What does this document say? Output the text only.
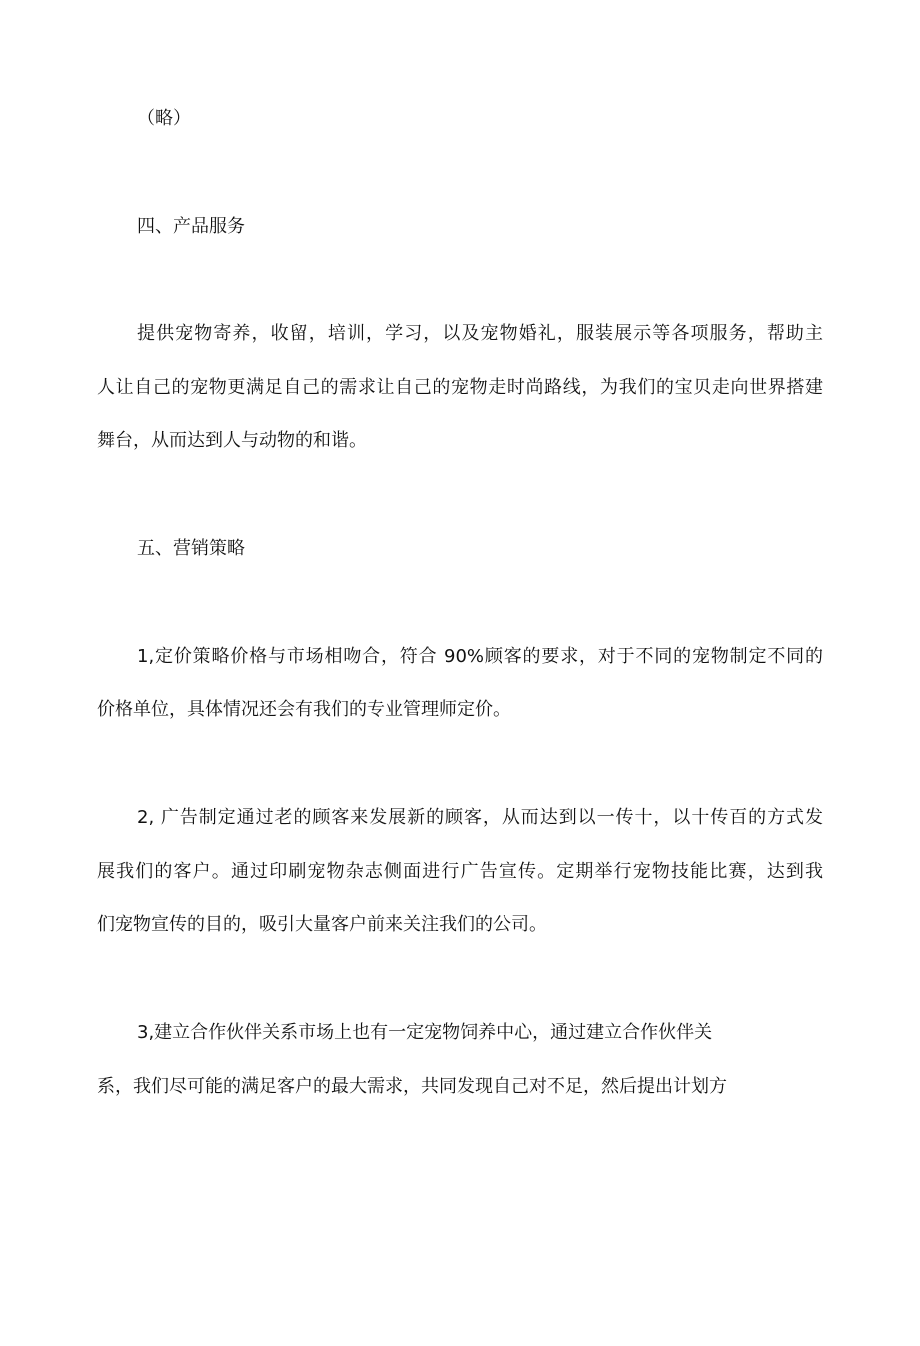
（略）
四、产品服务
提供宠物寄养，收留，培训，学习，以及宠物婚礼，服装展示等各项服务，帮助主
人让自己的宠物更满足自己的需求让自己的宠物走时尚路线，为我们的宝贝走向世界搭建
舞台，从而达到人与动物的和谐。
五、营销策略
1,定价策略价格与市场相吻合，符合 90%顾客的要求，对于不同的宠物制定不同的
价格单位，具体情况还会有我们的专业管理师定价。
2, 广告制定通过老的顾客来发展新的顾客，从而达到以一传十，以十传百的方式发
展我们的客户。通过印刷宠物杂志侧面进行广告宣传。定期举行宠物技能比赛，达到我
们宠物宣传的目的，吸引大量客户前来关注我们的公司。
3,建立合作伙伴关系市场上也有一定宠物饲养中心，通过建立合作伙伴关
系，我们尽可能的满足客户的最大需求，共同发现自己对不足，然后提出计划方
